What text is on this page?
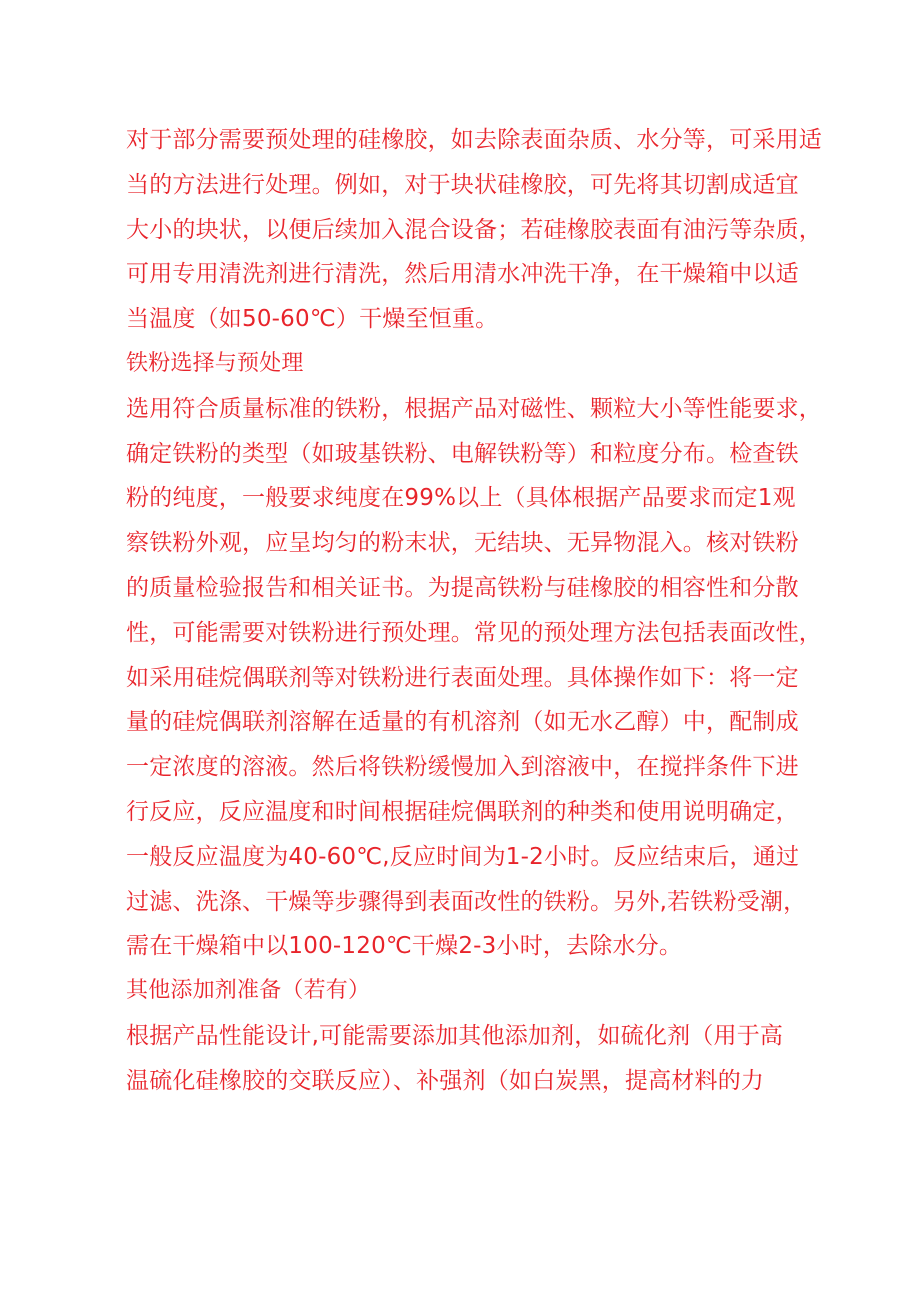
对于部分需要预处理的硅橡胶，如去除表面杂质、水分等，可采用适
当的方法进行处理。例如，对于块状硅橡胶，可先将其切割成适宜
大小的块状，以便后续加入混合设备；若硅橡胶表面有油污等杂质，
可用专用清洗剂进行清洗，然后用清水冲洗干净，在干燥箱中以适
当温度（如50-60℃）干燥至恒重。
铁粉选择与预处理
选用符合质量标准的铁粉，根据产品对磁性、颗粒大小等性能要求，
确定铁粉的类型（如玻基铁粉、电解铁粉等）和粒度分布。检查铁
粉的纯度，一般要求纯度在99%以上（具体根据产品要求而定1观
察铁粉外观，应呈均匀的粉末状，无结块、无异物混入。核对铁粉
的质量检验报告和相关证书。为提高铁粉与硅橡胶的相容性和分散
性，可能需要对铁粉进行预处理。常见的预处理方法包括表面改性，
如采用硅烷偶联剂等对铁粉进行表面处理。具体操作如下：将一定
量的硅烷偶联剂溶解在适量的有机溶剂（如无水乙醇）中，配制成
一定浓度的溶液。然后将铁粉缓慢加入到溶液中，在搅拌条件下进
行反应，反应温度和时间根据硅烷偶联剂的种类和使用说明确定，
一般反应温度为40-60℃,反应时间为1-2小时。反应结束后，通过
过滤、洗涤、干燥等步骤得到表面改性的铁粉。另外,若铁粉受潮，
需在干燥箱中以100-120℃干燥2-3小时，去除水分。
其他添加剂准备（若有）
根据产品性能设计,可能需要添加其他添加剂，如硫化剂（用于高
温硫化硅橡胶的交联反应）、补强剂（如白炭黑，提高材料的力
